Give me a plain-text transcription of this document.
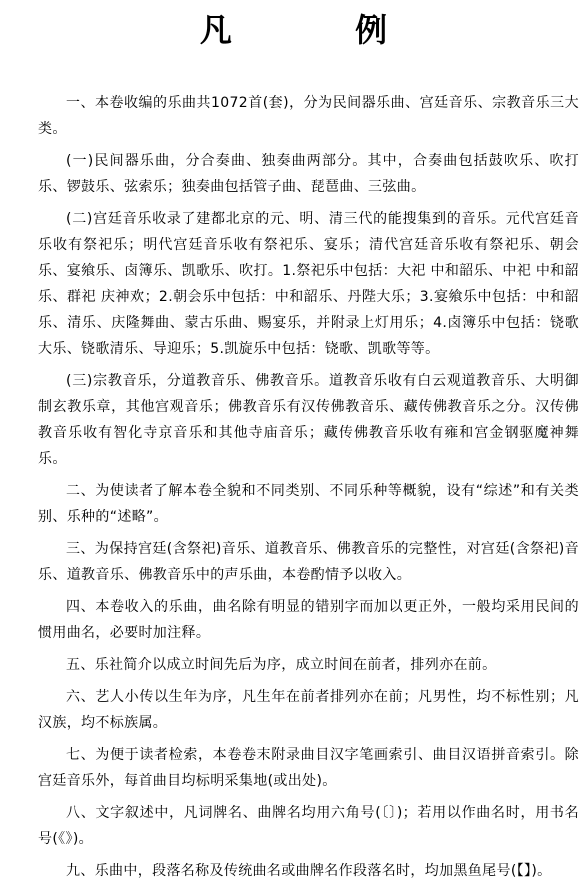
凡 例

一、本卷收编的乐曲共1072首(套)，分为民间器乐曲、宫廷音乐、宗教音乐三大类。

(一)民间器乐曲，分合奏曲、独奏曲两部分。其中，合奏曲包括鼓吹乐、吹打乐、锣鼓乐、弦索乐；独奏曲包括管子曲、琵琶曲、三弦曲。

(二)宫廷音乐收录了建都北京的元、明、清三代的能搜集到的音乐。元代宫廷音乐收有祭祀乐；明代宫廷音乐收有祭祀乐、宴乐；清代宫廷音乐收有祭祀乐、朝会乐、宴飨乐、卤簿乐、凯歌乐、吹打。1.祭祀乐中包括：大祀 中和韶乐、中祀 中和韶乐、群祀 庆神欢；2.朝会乐中包括：中和韶乐、丹陛大乐；3.宴飨乐中包括：中和韶乐、清乐、庆隆舞曲、蒙古乐曲、赐宴乐，并附录上灯用乐；4.卤簿乐中包括：铙歌大乐、铙歌清乐、导迎乐；5.凯旋乐中包括：铙歌、凯歌等等。

(三)宗教音乐，分道教音乐、佛教音乐。道教音乐收有白云观道教音乐、大明御制玄教乐章，其他宫观音乐；佛教音乐有汉传佛教音乐、藏传佛教音乐之分。汉传佛教音乐收有智化寺京音乐和其他寺庙音乐；藏传佛教音乐收有雍和宫金钢驱魔神舞乐。

二、为使读者了解本卷全貌和不同类别、不同乐种等概貌，设有“综述”和有关类别、乐种的“述略”。

三、为保持宫廷(含祭祀)音乐、道教音乐、佛教音乐的完整性，对宫廷(含祭祀)音乐、道教音乐、佛教音乐中的声乐曲，本卷酌情予以收入。

四、本卷收入的乐曲，曲名除有明显的错别字而加以更正外，一般均采用民间的惯用曲名，必要时加注释。

五、乐社简介以成立时间先后为序，成立时间在前者，排列亦在前。

六、艺人小传以生年为序，凡生年在前者排列亦在前；凡男性，均不标性别；凡汉族，均不标族属。

七、为便于读者检索，本卷卷末附录曲目汉字笔画索引、曲目汉语拼音索引。除宫廷音乐外，每首曲目均标明采集地(或出处)。

八、文字叙述中，凡词牌名、曲牌名均用六角号(〔〕)；若用以作曲名时，用书名号(《》)。

九、乐曲中，段落名称及传统曲名或曲牌名作段落名时，均加黑鱼尾号(【】)。
